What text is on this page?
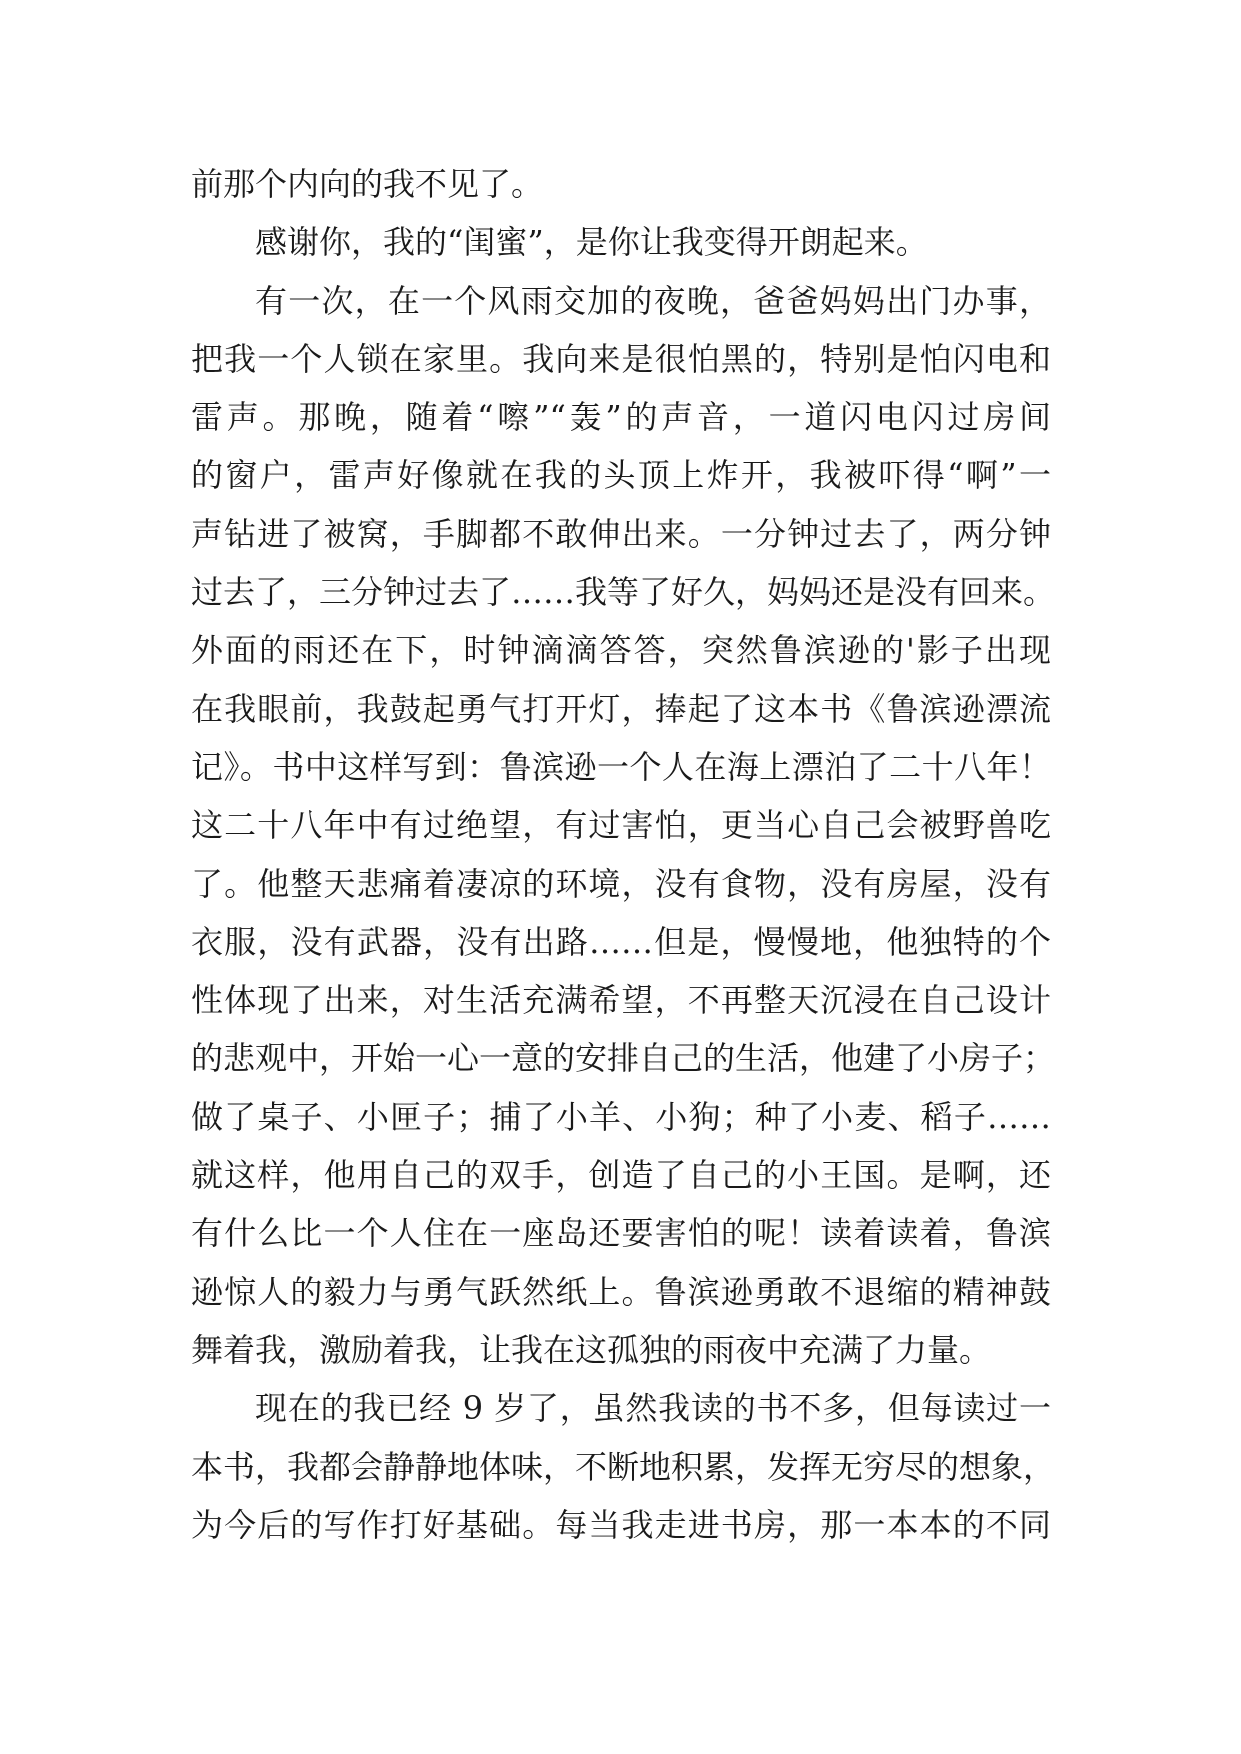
前那个内向的我不见了。
感谢你，我的“闺蜜”，是你让我变得开朗起来。
有一次，在一个风雨交加的夜晚，爸爸妈妈出门办事，
把我一个人锁在家里。我向来是很怕黑的，特别是怕闪电和
雷声。那晚，随着“嚓”“轰”的声音，一道闪电闪过房间
的窗户，雷声好像就在我的头顶上炸开，我被吓得“啊”一
声钻进了被窝，手脚都不敢伸出来。一分钟过去了，两分钟
过去了，三分钟过去了……我等了好久，妈妈还是没有回来。
外面的雨还在下，时钟滴滴答答，突然鲁滨逊的'影子出现
在我眼前，我鼓起勇气打开灯，捧起了这本书《鲁滨逊漂流
记》。书中这样写到：鲁滨逊一个人在海上漂泊了二十八年！
这二十八年中有过绝望，有过害怕，更当心自己会被野兽吃
了。他整天悲痛着凄凉的环境，没有食物，没有房屋，没有
衣服，没有武器，没有出路……但是，慢慢地，他独特的个
性体现了出来，对生活充满希望，不再整天沉浸在自己设计
的悲观中，开始一心一意的安排自己的生活，他建了小房子；
做了桌子、小匣子；捕了小羊、小狗；种了小麦、稻子……
就这样，他用自己的双手，创造了自己的小王国。是啊，还
有什么比一个人住在一座岛还要害怕的呢！读着读着，鲁滨
逊惊人的毅力与勇气跃然纸上。鲁滨逊勇敢不退缩的精神鼓
舞着我，激励着我，让我在这孤独的雨夜中充满了力量。
现在的我已经 9 岁了，虽然我读的书不多，但每读过一
本书，我都会静静地体味，不断地积累，发挥无穷尽的想象，
为今后的写作打好基础。每当我走进书房，那一本本的不同
